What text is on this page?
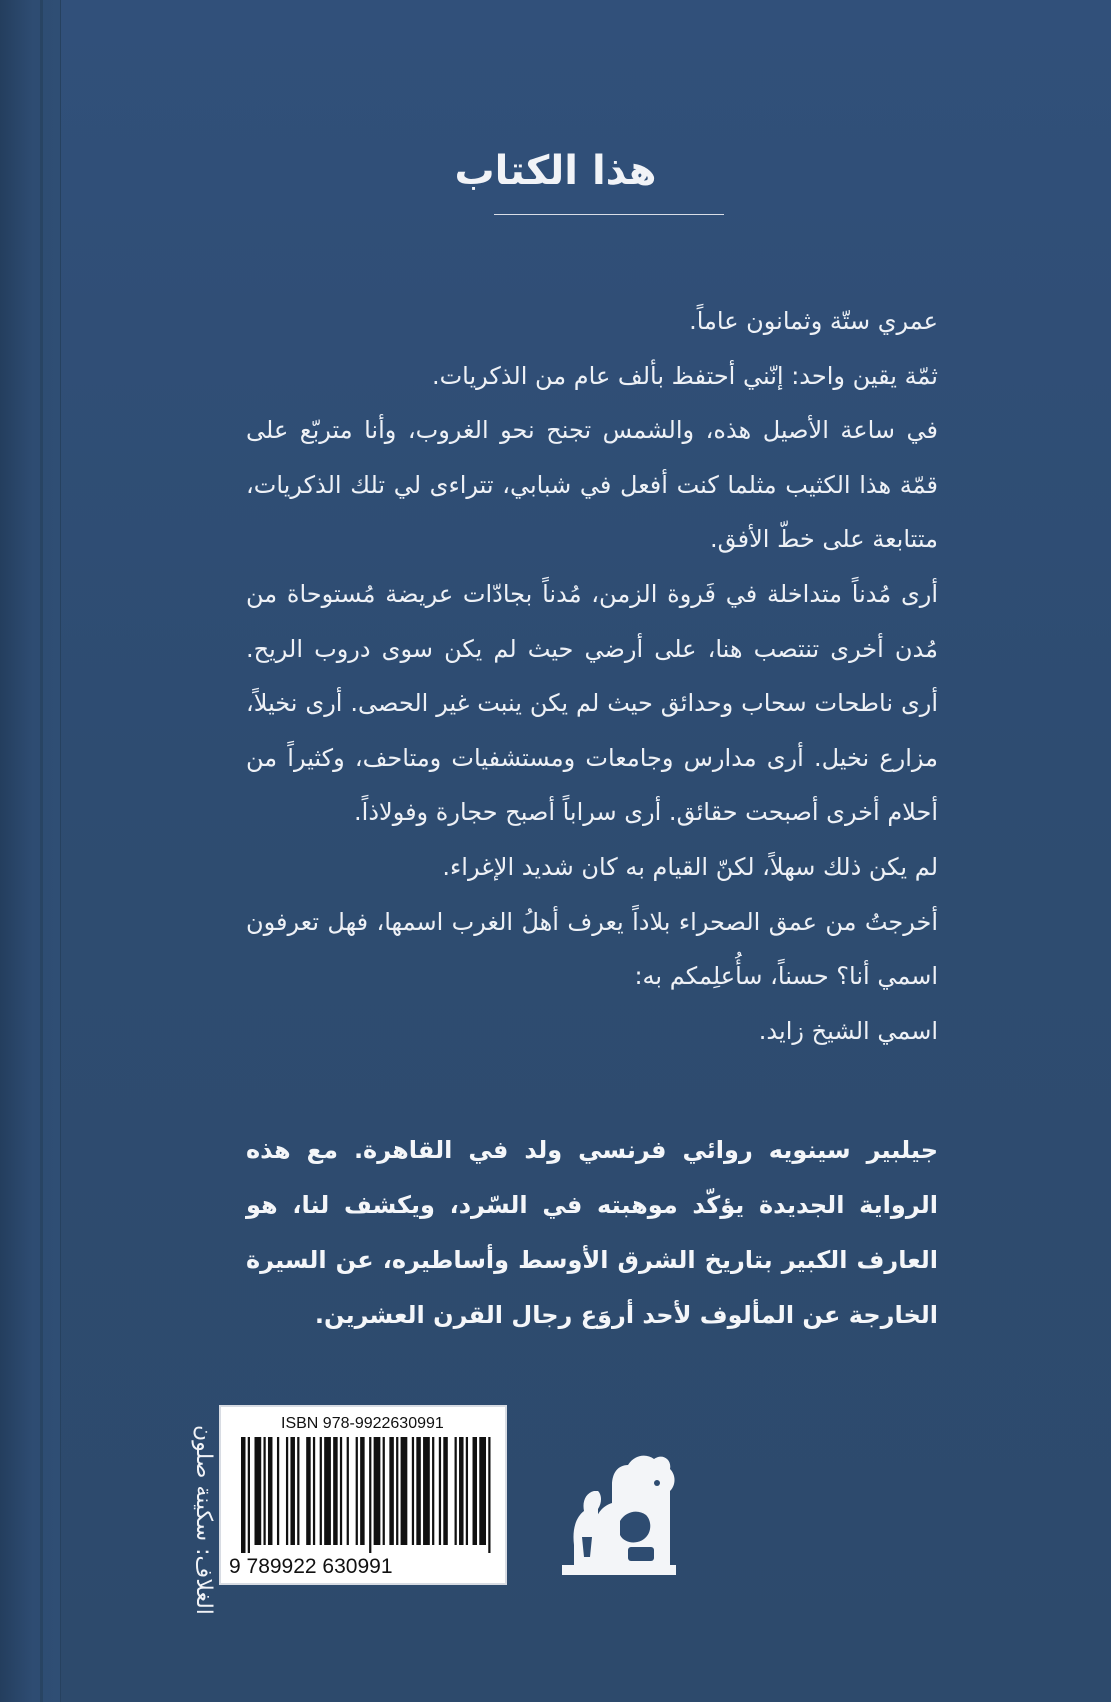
هذا الكتاب

عمري ستّة وثمانون عاماً.

ثمّة يقين واحد: إنّني أحتفظ بألف عام من الذكريات.

في ساعة الأصيل هذه، والشمس تجنح نحو الغروب، وأنا متربّع على قمّة هذا الكثيب مثلما كنت أفعل في شبابي، تتراءى لي تلك الذكريات، متتابعة على خطّ الأفق.

أرى مُدناً متداخلة في فَروة الزمن، مُدناً بجادّات عريضة مُستوحاة من مُدن أخرى تنتصب هنا، على أرضي حيث لم يكن سوى دروب الريح. أرى ناطحات سحاب وحدائق حيث لم يكن ينبت غير الحصى. أرى نخيلاً، مزارع نخيل. أرى مدارس وجامعات ومستشفيات ومتاحف، وكثيراً من أحلام أخرى أصبحت حقائق. أرى سراباً أصبح حجارة وفولاذاً.

لم يكن ذلك سهلاً، لكنّ القيام به كان شديد الإغراء.

أخرجتُ من عمق الصحراء بلاداً يعرف أهلُ الغرب اسمها، فهل تعرفون اسمي أنا؟ حسناً، سأُعلِمكم به:

اسمي الشيخ زايد.

جيلبير سينويه روائي فرنسي ولد في القاهرة. مع هذه الرواية الجديدة يؤكّد موهبته في السّرد، ويكشف لنا، هو العارف الكبير بتاريخ الشرق الأوسط وأساطيره، عن السيرة الخارجة عن المألوف لأحد أروَع رجال القرن العشرين.

الغلاف: سكينة صلون
ISBN 978-9922630991
9 789922 630991
